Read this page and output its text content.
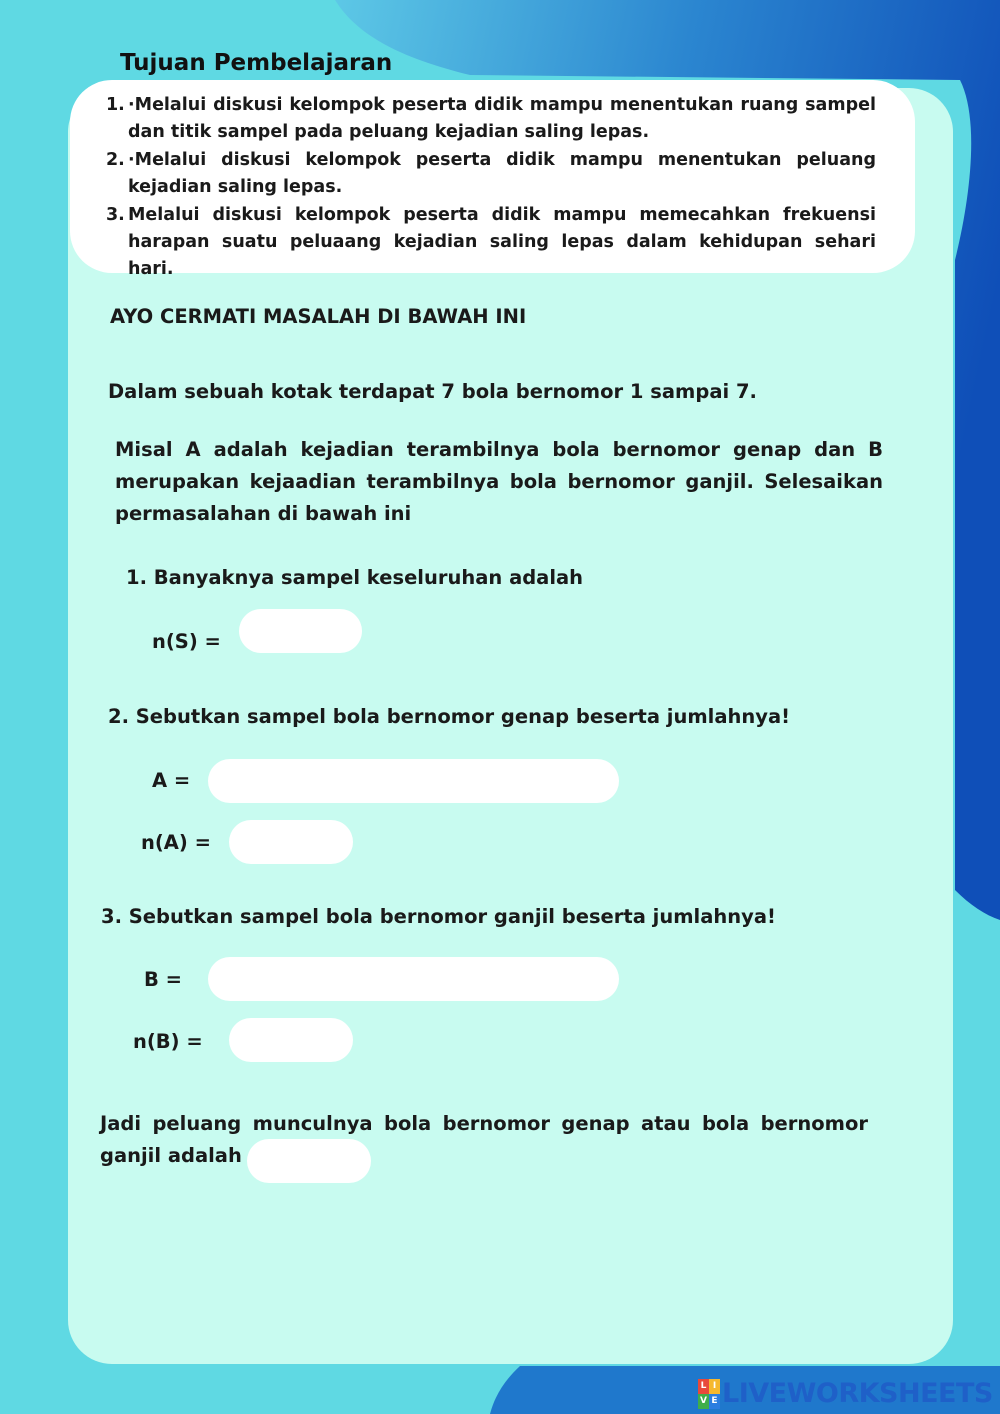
Tujuan Pembelajaran
1. ·Melalui diskusi kelompok peserta didik mampu menentukan ruang sampel dan titik sampel pada peluang kejadian saling lepas.
2. ·Melalui diskusi kelompok peserta didik mampu menentukan peluang kejadian saling lepas.
3. Melalui diskusi kelompok peserta didik mampu memecahkan frekuensi harapan suatu peluaang kejadian saling lepas dalam kehidupan sehari hari.
AYO CERMATI MASALAH DI BAWAH INI
Dalam sebuah kotak terdapat 7 bola bernomor 1 sampai 7.
Misal A adalah kejadian terambilnya bola bernomor genap dan B merupakan kejaadian terambilnya bola bernomor ganjil. Selesaikan permasalahan di bawah ini
1. Banyaknya sampel keseluruhan adalah
n(S) =
2. Sebutkan sampel bola bernomor genap beserta jumlahnya!
A =
n(A) =
3. Sebutkan sampel bola bernomor ganjil beserta jumlahnya!
B =
n(B) =
Jadi peluang munculnya bola bernomor genap atau bola bernomor ganjil adalah
L I
V E LIVEWORKSHEETS
